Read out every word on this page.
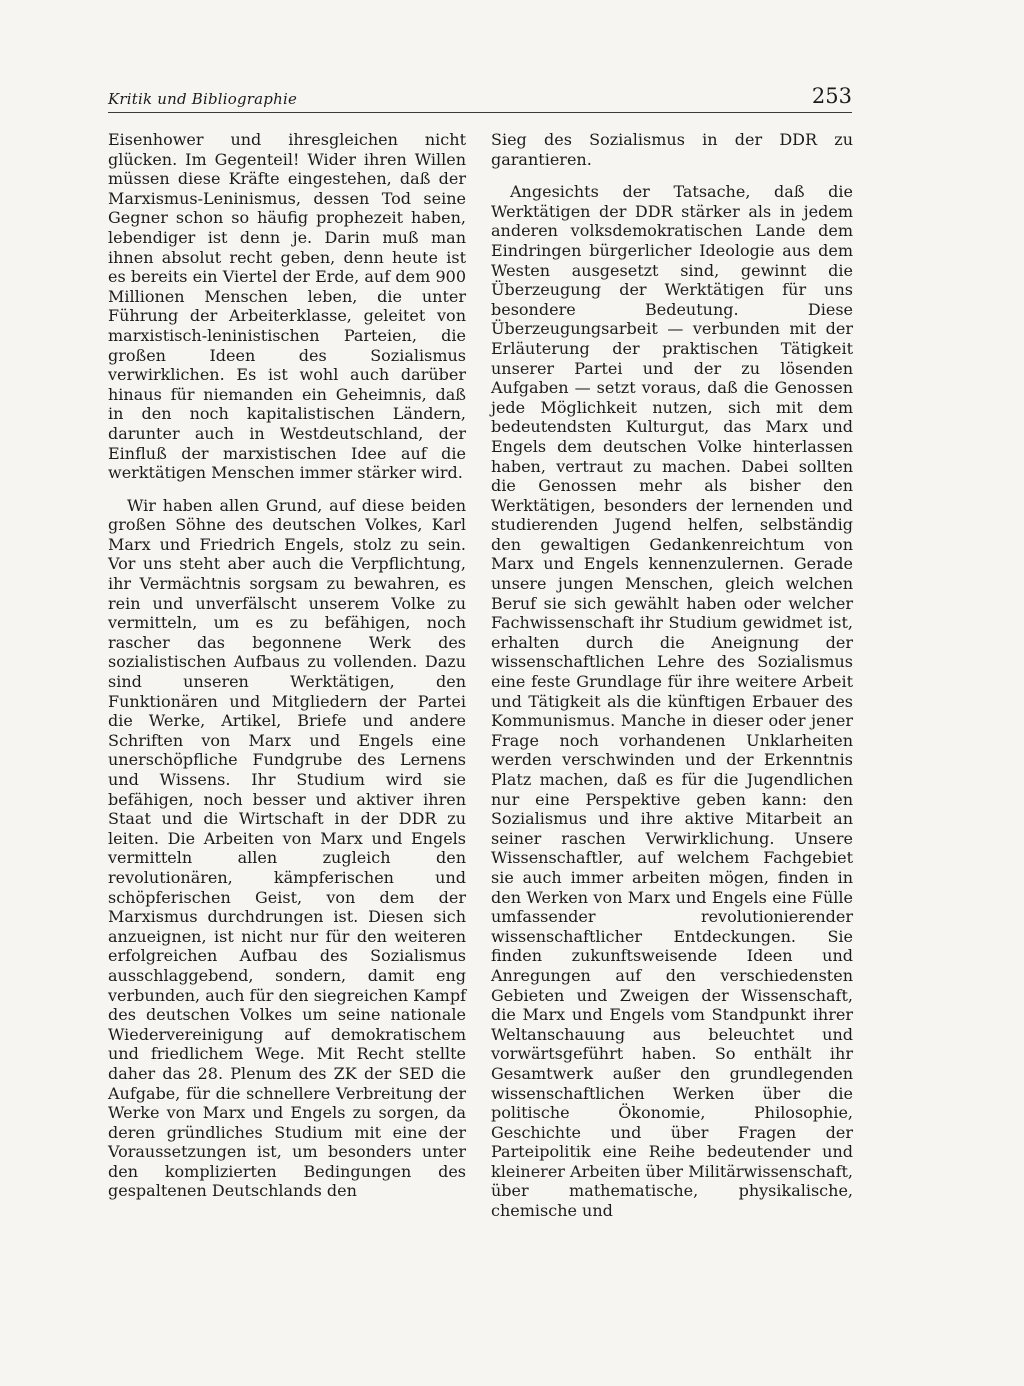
Kritik und Bibliographie	253

Eisenhower und ihresgleichen nicht glücken. Im Gegenteil! Wider ihren Willen müssen diese Kräfte eingestehen, daß der Marxismus-Leninismus, dessen Tod seine Gegner schon so häufig prophezeit haben, lebendiger ist denn je. Darin muß man ihnen absolut recht geben, denn heute ist es bereits ein Viertel der Erde, auf dem 900 Millionen Menschen leben, die unter Führung der Arbeiterklasse, geleitet von marxistisch-leninistischen Parteien, die großen Ideen des Sozialismus verwirklichen. Es ist wohl auch darüber hinaus für niemanden ein Geheimnis, daß in den noch kapitalistischen Ländern, darunter auch in Westdeutschland, der Einfluß der marxistischen Idee auf die werktätigen Menschen immer stärker wird.

Wir haben allen Grund, auf diese beiden großen Söhne des deutschen Volkes, Karl Marx und Friedrich Engels, stolz zu sein. Vor uns steht aber auch die Verpflichtung, ihr Vermächtnis sorgsam zu bewahren, es rein und unverfälscht unserem Volke zu vermitteln, um es zu befähigen, noch rascher das begonnene Werk des sozialistischen Aufbaus zu vollenden. Dazu sind unseren Werktätigen, den Funktionären und Mitgliedern der Partei die Werke, Artikel, Briefe und andere Schriften von Marx und Engels eine unerschöpfliche Fundgrube des Lernens und Wissens. Ihr Studium wird sie befähigen, noch besser und aktiver ihren Staat und die Wirtschaft in der DDR zu leiten. Die Arbeiten von Marx und Engels vermitteln allen zugleich den revolutionären, kämpferischen und schöpferischen Geist, von dem der Marxismus durchdrungen ist. Diesen sich anzueignen, ist nicht nur für den weiteren erfolgreichen Aufbau des Sozialismus ausschlaggebend, sondern, damit eng verbunden, auch für den siegreichen Kampf des deutschen Volkes um seine nationale Wiedervereinigung auf demokratischem und friedlichem Wege. Mit Recht stellte daher das 28. Plenum des ZK der SED die Aufgabe, für die schnellere Verbreitung der Werke von Marx und Engels zu sorgen, da deren gründliches Studium mit eine der Voraussetzungen ist, um besonders unter den komplizierten Bedingungen des gespaltenen Deutschlands den

Sieg des Sozialismus in der DDR zu garantieren.

Angesichts der Tatsache, daß die Werktätigen der DDR stärker als in jedem anderen volksdemokratischen Lande dem Eindringen bürgerlicher Ideologie aus dem Westen ausgesetzt sind, gewinnt die Überzeugung der Werktätigen für uns besondere Bedeutung. Diese Überzeugungsarbeit — verbunden mit der Erläuterung der praktischen Tätigkeit unserer Partei und der zu lösenden Aufgaben — setzt voraus, daß die Genossen jede Möglichkeit nutzen, sich mit dem bedeutendsten Kulturgut, das Marx und Engels dem deutschen Volke hinterlassen haben, vertraut zu machen. Dabei sollten die Genossen mehr als bisher den Werktätigen, besonders der lernenden und studierenden Jugend helfen, selbständig den gewaltigen Gedankenreichtum von Marx und Engels kennenzulernen. Gerade unsere jungen Menschen, gleich welchen Beruf sie sich gewählt haben oder welcher Fachwissenschaft ihr Studium gewidmet ist, erhalten durch die Aneignung der wissenschaftlichen Lehre des Sozialismus eine feste Grundlage für ihre weitere Arbeit und Tätigkeit als die künftigen Erbauer des Kommunismus. Manche in dieser oder jener Frage noch vorhandenen Unklarheiten werden verschwinden und der Erkenntnis Platz machen, daß es für die Jugendlichen nur eine Perspektive geben kann: den Sozialismus und ihre aktive Mitarbeit an seiner raschen Verwirklichung. Unsere Wissenschaftler, auf welchem Fachgebiet sie auch immer arbeiten mögen, finden in den Werken von Marx und Engels eine Fülle umfassender revolutionierender wissenschaftlicher Entdeckungen. Sie finden zukunftsweisende Ideen und Anregungen auf den verschiedensten Gebieten und Zweigen der Wissenschaft, die Marx und Engels vom Standpunkt ihrer Weltanschauung aus beleuchtet und vorwärtsgeführt haben. So enthält ihr Gesamtwerk außer den grundlegenden wissenschaftlichen Werken über die politische Ökonomie, Philosophie, Geschichte und über Fragen der Parteipolitik eine Reihe bedeutender und kleinerer Arbeiten über Militärwissenschaft, über mathematische, physikalische, chemische und
